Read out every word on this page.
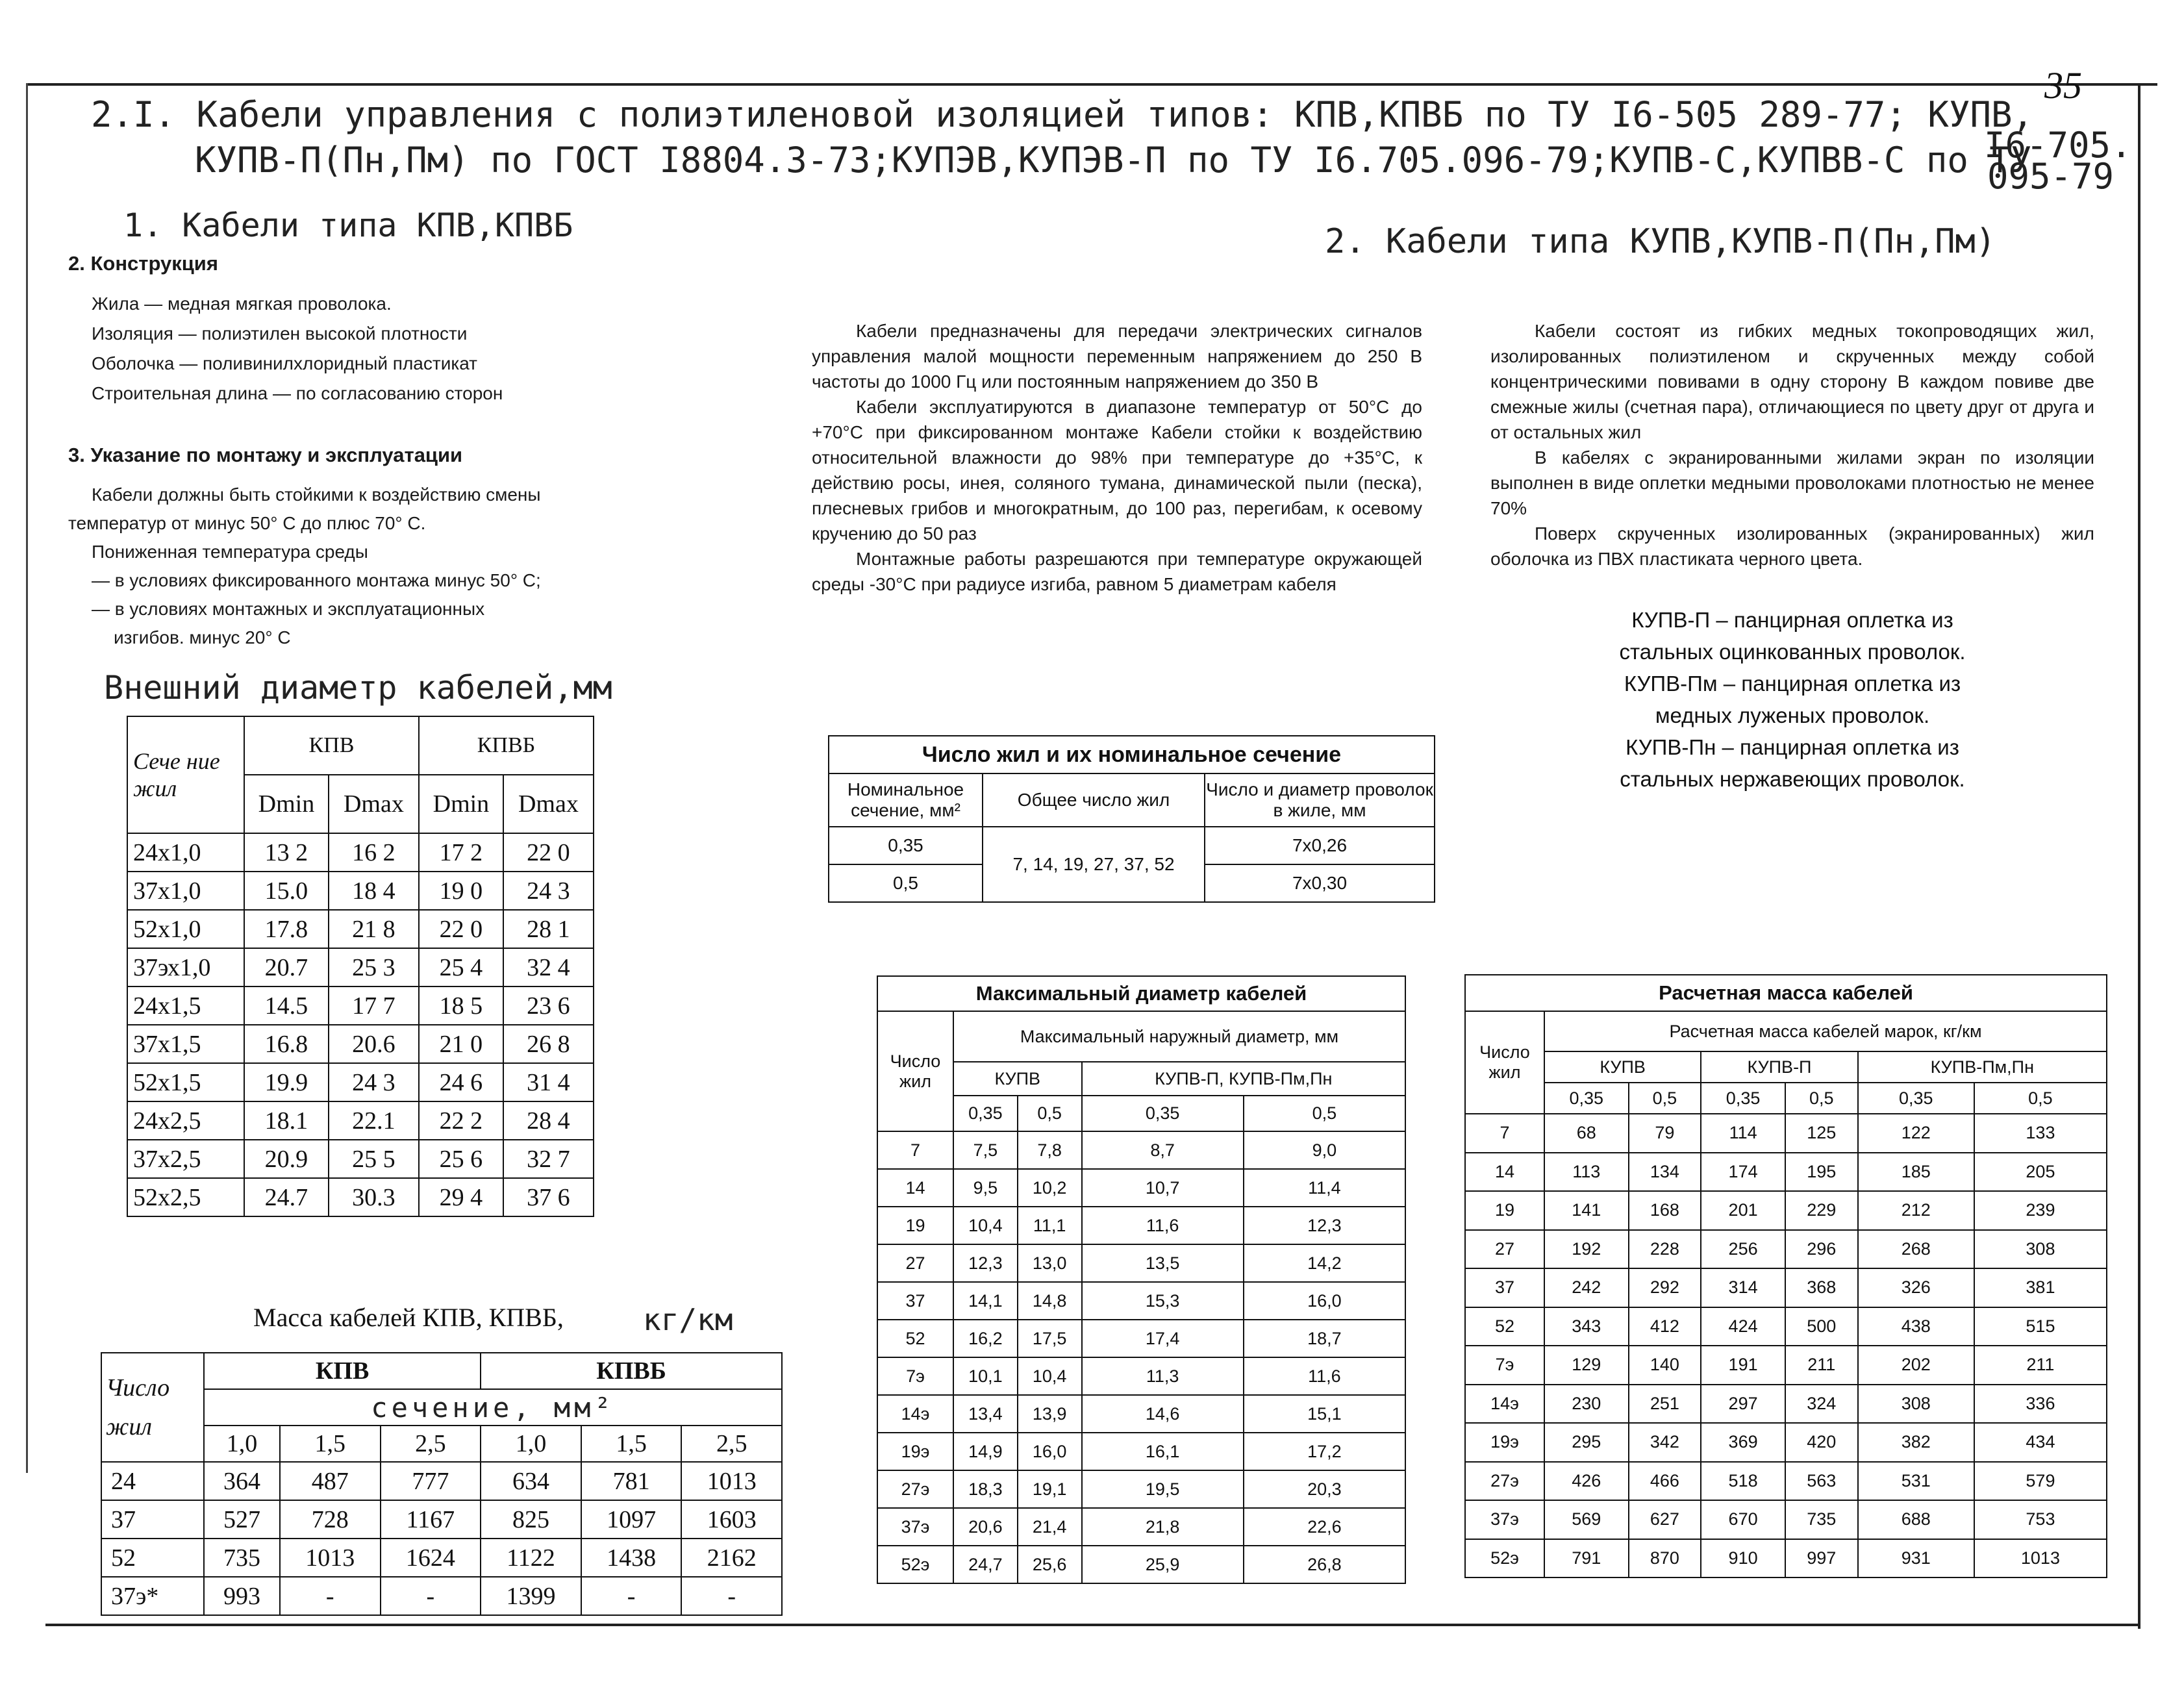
35
2.I. Кабели управления с полиэтиленовой изоляцией типов: КПВ,КПВБ по ТУ I6-505 289-77; КУПВ,
КУПВ-П(Пн,Пм) по ГОСТ I8804.3-73;КУПЭВ,КУПЭВ-П по ТУ I6.705.096-79;КУПВ-С,КУПВВ-С по ТУ
I6-705.
095-79
1. Кабели типа КПВ,КПВБ
2. Конструкция
Жила — медная мягкая проволока.
Изоляция — полиэтилен высокой плотности
Оболочка — поливинилхлоридный пластикат
Строительная длина — по согласованию сторон
3. Указание по монтажу и эксплуатации
Кабели должны быть стойкими к воздействию смены
температур от минус 50° С до плюс 70° С.
Пониженная температура среды
— в условиях фиксированного монтажа минус 50° С;
— в условиях монтажных и эксплуатационных
изгибов. минус 20° С
Внешний диаметр кабелей,мм
Сече ние жил	КПВ		КПВБ	
	Dmin	Dmax	Dmin	Dmax
24х1,0	13 2	16 2	17 2	22 0
37х1,0	15.0	18 4	19 0	24 3
52х1,0	17.8	21 8	22 0	28 1
37эх1,0	20.7	25 3	25 4	32 4
24х1,5	14.5	17 7	18 5	23 6
37х1,5	16.8	20.6	21 0	26 8
52х1,5	19.9	24 3	24 6	31 4
24х2,5	18.1	22.1	22 2	28 4
37х2,5	20.9	25 5	25 6	32 7
52х2,5	24.7	30.3	29 4	37 6
Масса кабелей КПВ, КПВБ,	кг/км
Число
жил	КПВ			КПВБ		
	сечение, мм²					
	1,0	1,5	2,5	1,0	1,5	2,5
24	364	487	777	634	781	1013
37	527	728	1167	825	1097	1603
52	735	1013	1624	1122	1438	2162
37э*	993	-	-	1399	-	-
2. Кабели типа КУПВ,КУПВ-П(Пн,Пм)

Кабели предназначены для передачи электрических сигналов управления малой мощности переменным напряжением до 250 В частоты до 1000 Гц или постоянным напряжением до 350 В

Кабели эксплуатируются в диапазоне температур от 50°С до +70°С при фиксированном монтаже Кабели стойки к воздействию относительной влажности до 98% при температуре до +35°С, к действию росы, инея, соляного тумана, динамической пыли (песка), плесневых грибов и многократным, до 100 раз, перегибам, к осевому кручению до 50 раз

Монтажные работы разрешаются при температуре окружающей среды -30°С при радиусе изгиба, равном 5 диаметрам кабеля

Кабели состоят из гибких медных токопроводящих жил, изолированных полиэтиленом и скрученных между собой концентрическими повивами в одну сторону В каждом повиве две смежные жилы (счетная пара), отличающиеся по цвету друг от друга и от остальных жил

В кабелях с экранированными жилами экран по изоляции выполнен в виде оплетки медными проволоками плотностью не менее 70%

Поверх скрученных изолированных (экранированных) жил оболочка из ПВХ пластиката черного цвета.

КУПВ-П – панцирная оплетка из
стальных оцинкованных проволок.
КУПВ-Пм – панцирная оплетка из
медных луженых проволок.
КУПВ-Пн – панцирная оплетка из
стальных нержавеющих проволок.
Число жил и их номинальное сечение		
Номинальное сечение, мм²	Общее число жил	Число и диаметр проволок в жиле, мм
0,35	7, 14, 19, 27, 37, 52	7х0,26
0,5		7х0,30
Максимальный диаметр кабелей				
Число жил	Максимальный наружный диаметр, мм			
	КУПВ		КУПВ-П, КУПВ-Пм,Пн	
	0,35	0,5	0,35	0,5
7	7,5	7,8	8,7	9,0
14	9,5	10,2	10,7	11,4
19	10,4	11,1	11,6	12,3
27	12,3	13,0	13,5	14,2
37	14,1	14,8	15,3	16,0
52	16,2	17,5	17,4	18,7
7э	10,1	10,4	11,3	11,6
14э	13,4	13,9	14,6	15,1
19э	14,9	16,0	16,1	17,2
27э	18,3	19,1	19,5	20,3
37э	20,6	21,4	21,8	22,6
52э	24,7	25,6	25,9	26,8
Расчетная масса кабелей						
Число жил	Расчетная масса кабелей марок, кг/км					
	КУПВ		КУПВ-П		КУПВ-Пм,Пн	
	0,35	0,5	0,35	0,5	0,35	0,5
7	68	79	114	125	122	133
14	113	134	174	195	185	205
19	141	168	201	229	212	239
27	192	228	256	296	268	308
37	242	292	314	368	326	381
52	343	412	424	500	438	515
7э	129	140	191	211	202	211
14э	230	251	297	324	308	336
19э	295	342	369	420	382	434
27э	426	466	518	563	531	579
37э	569	627	670	735	688	753
52э	791	870	910	997	931	1013
